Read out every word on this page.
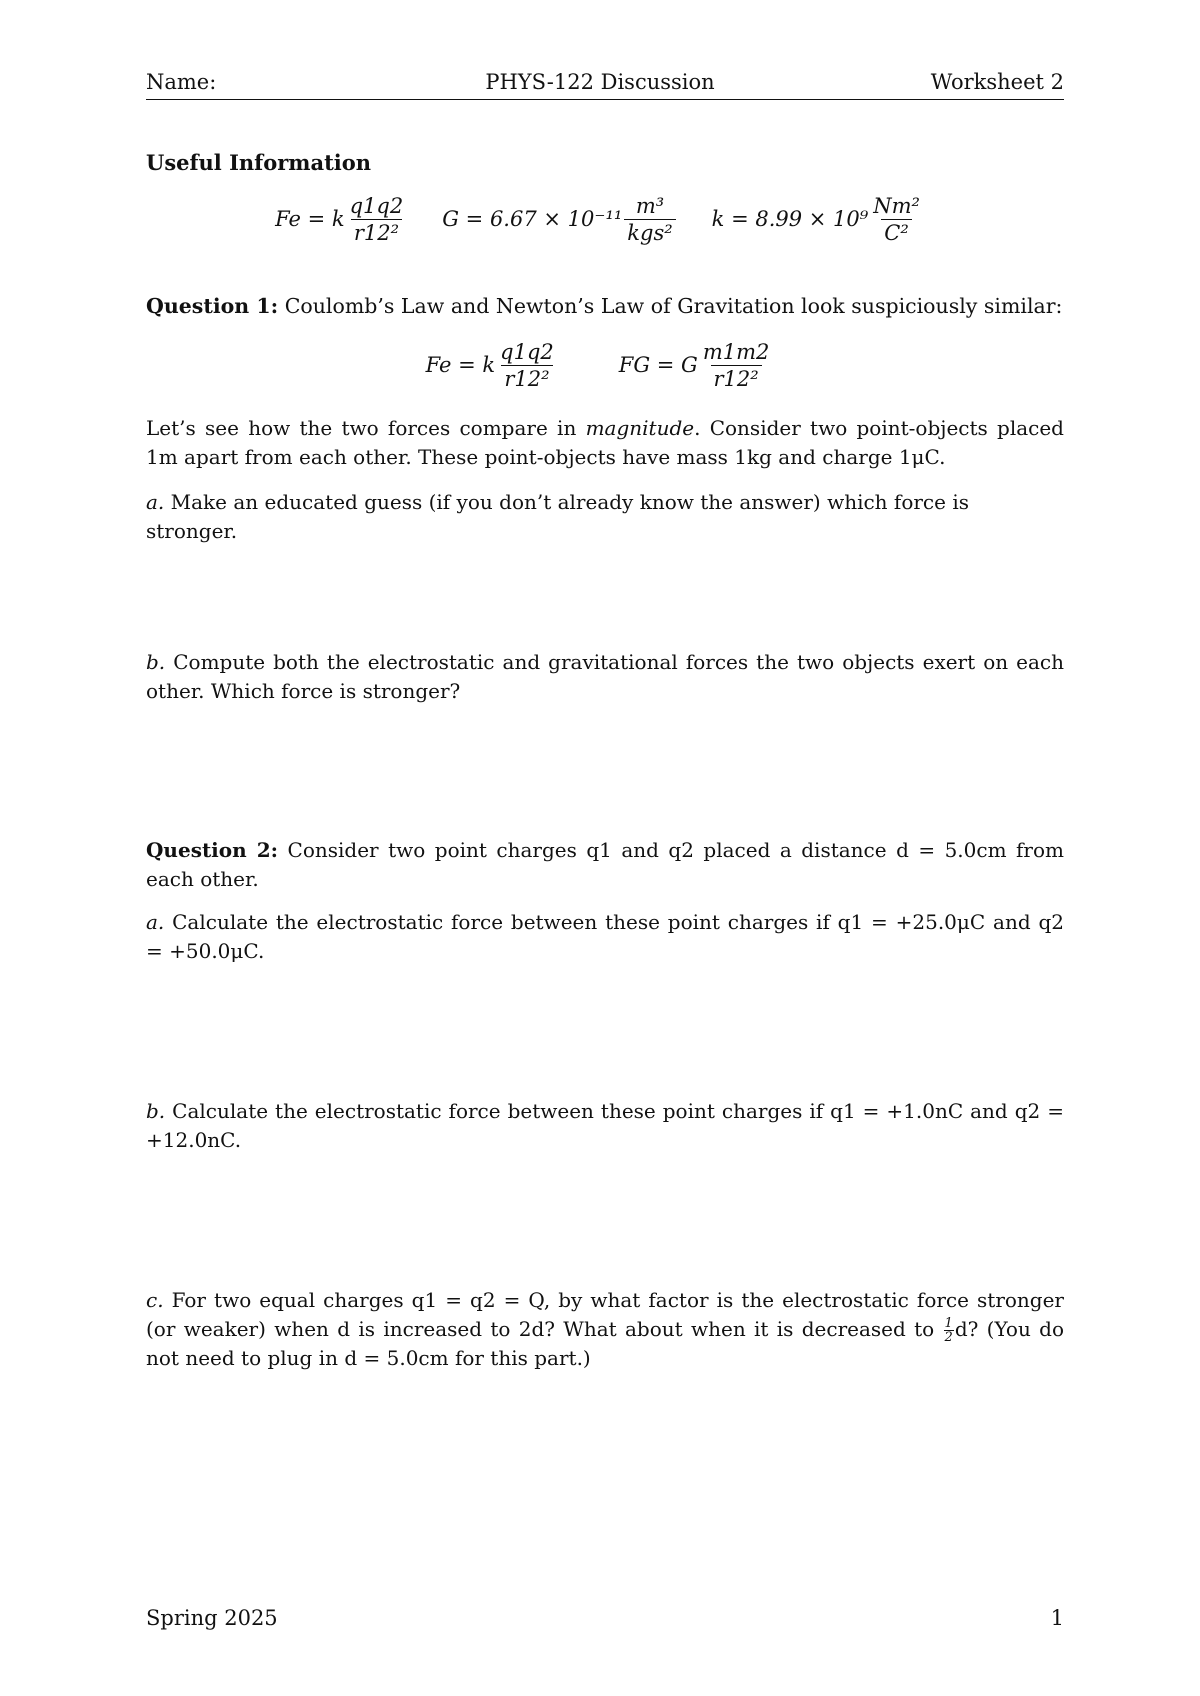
Name:	PHYS-122 Discussion	Worksheet 2
Useful Information
Fe = k $\frac{q1q2}{\text{r12²}}$ $G = 6.67 \times 10^{-11} \frac{\text{m³}}{\text{kgs²}}$ $k = 8.99 \times 10^9 \frac{\text{Nm²}}{\text{C²}}$
Question 1: Coulomb’s Law and Newton’s Law of Gravitation look suspiciously similar:
Fe = k $\frac{q1q2}{\text{r12²}}$	FG = G $\frac{m1m2}{\text{r12²}}$
Let’s see how the two forces compare in magnitude. Consider two point-objects placed 1m apart from each other. These point-objects have mass 1kg and charge 1μC.
a. Make an educated guess (if you don’t already know the answer) which force is stronger.
b. Compute both the electrostatic and gravitational forces the two objects exert on each other. Which force is stronger?
Question 2: Consider two point charges q1 and q2 placed a distance d = 5.0cm from each other.
a. Calculate the electrostatic force between these point charges if q1 = +25.0μC and q2 = +50.0μC.
b. Calculate the electrostatic force between these point charges if q1 = +1.0nC and q2 = +12.0nC.
c. For two equal charges q1 = q2 = Q, by what factor is the electrostatic force stronger (or weaker) when d is increased to 2d? What about when it is decreased to $\frac{1}{2} d$? (You do not need to plug in d = 5.0cm for this part.)
Spring 2025	1
